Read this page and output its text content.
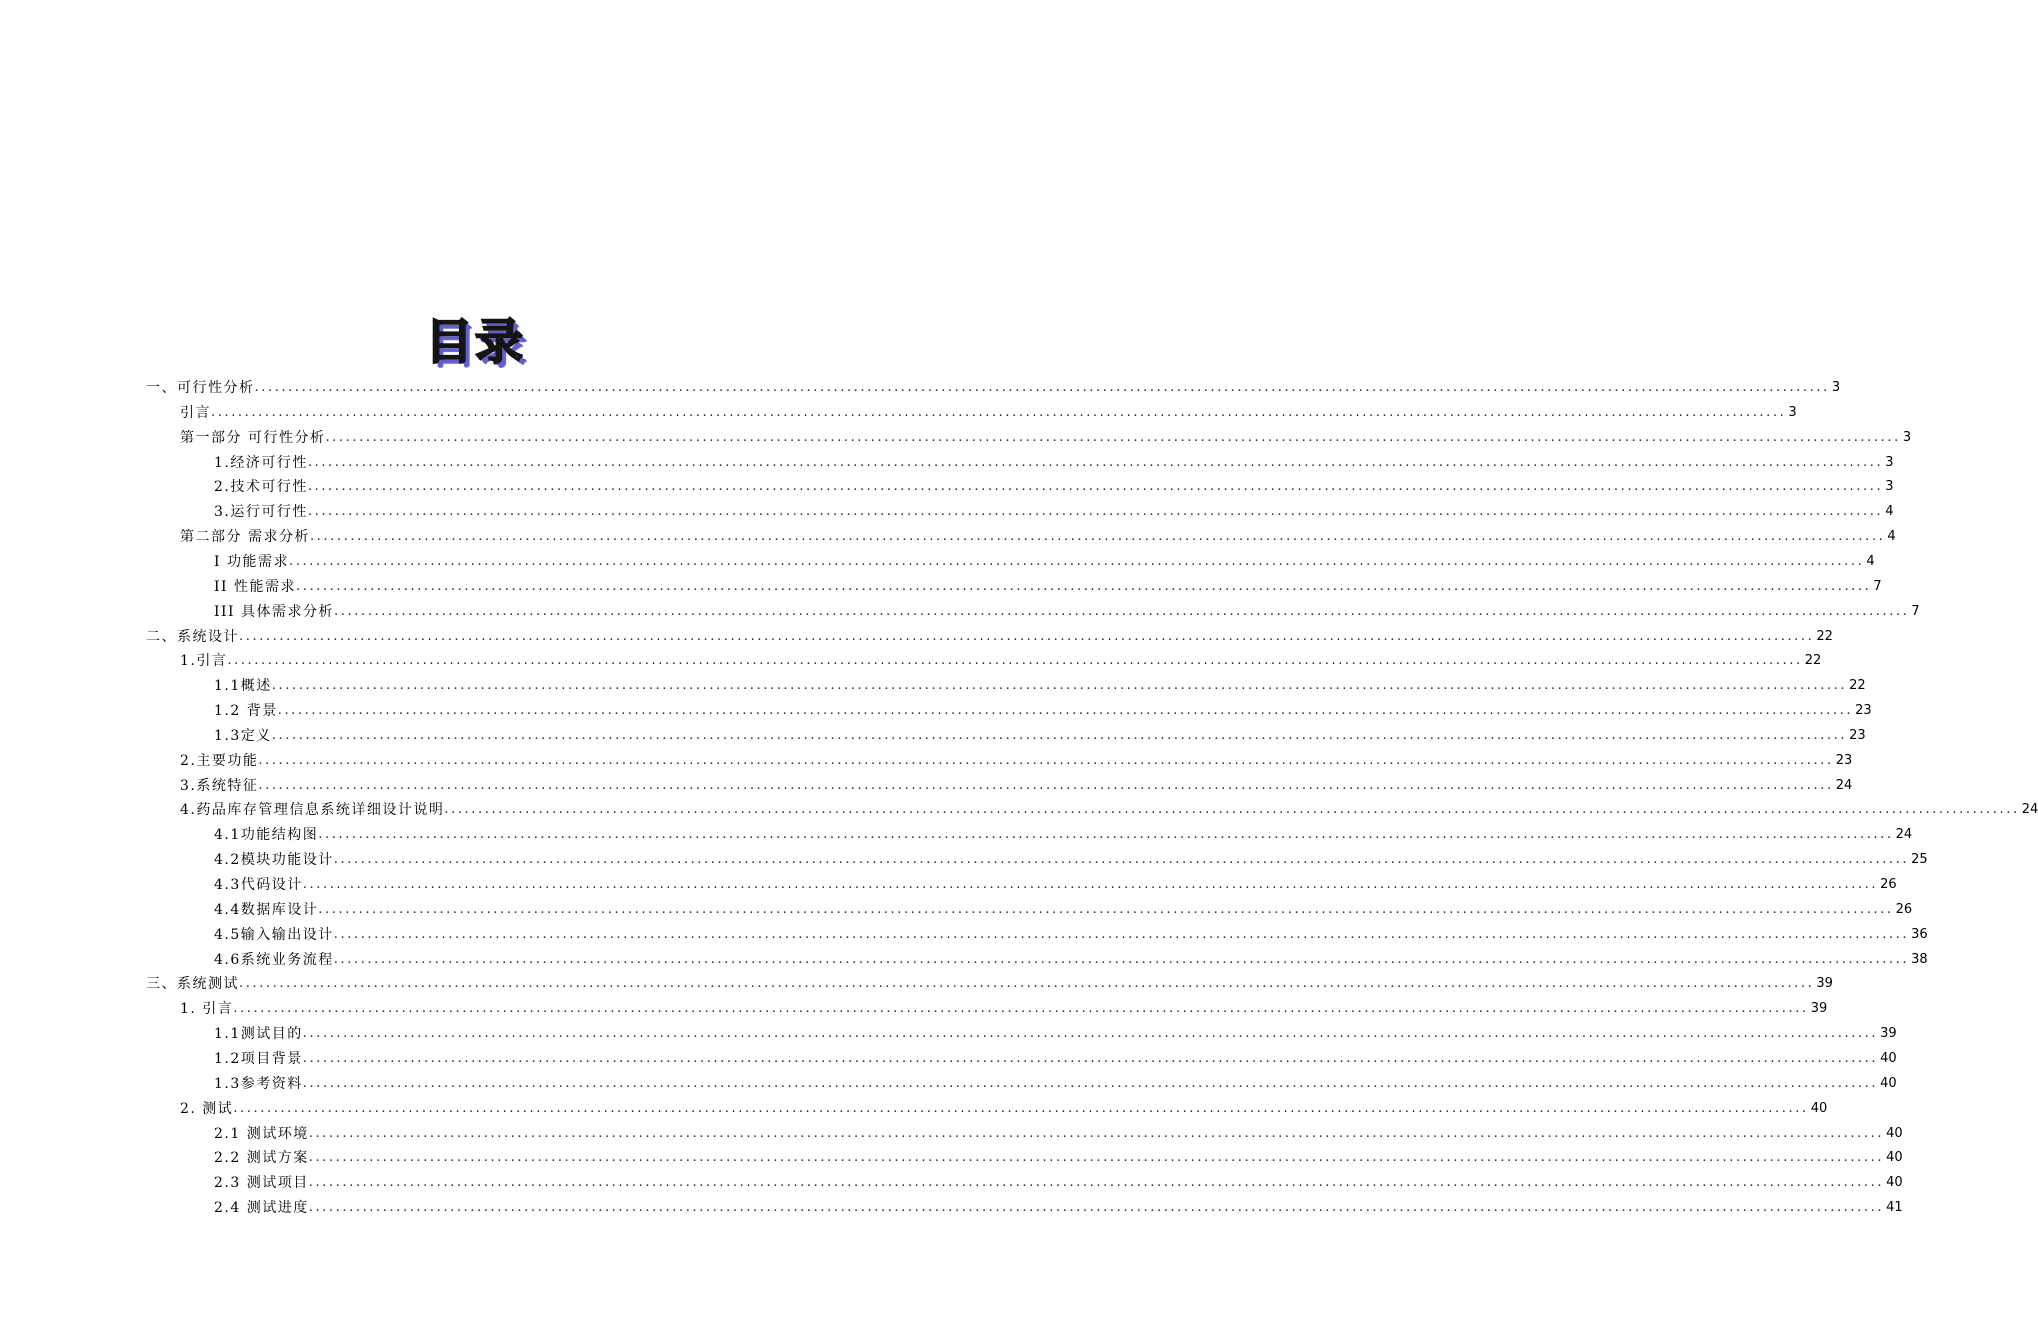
目录
一、可行性分析 .......................................................................................................................................................................................................................................... 3
引言 .......................................................................................................................................................................................................................................... 3
第一部分 可行性分析 .......................................................................................................................................................................................................................................... 3
1.经济可行性 .......................................................................................................................................................................................................................................... 3
2.技术可行性 .......................................................................................................................................................................................................................................... 3
3.运行可行性 .......................................................................................................................................................................................................................................... 4
第二部分 需求分析 .......................................................................................................................................................................................................................................... 4
I 功能需求 .......................................................................................................................................................................................................................................... 4
II 性能需求 .......................................................................................................................................................................................................................................... 7
III 具体需求分析 .......................................................................................................................................................................................................................................... 7
二、系统设计 .......................................................................................................................................................................................................................................... 22
1.引言 .......................................................................................................................................................................................................................................... 22
1.1概述 .......................................................................................................................................................................................................................................... 22
1.2 背景 .......................................................................................................................................................................................................................................... 23
1.3定义 .......................................................................................................................................................................................................................................... 23
2.主要功能 .......................................................................................................................................................................................................................................... 23
3.系统特征 .......................................................................................................................................................................................................................................... 24
4.药品库存管理信息系统详细设计说明 .......................................................................................................................................................................................................................................... 24
4.1功能结构图 .......................................................................................................................................................................................................................................... 24
4.2模块功能设计 .......................................................................................................................................................................................................................................... 25
4.3代码设计 .......................................................................................................................................................................................................................................... 26
4.4数据库设计 .......................................................................................................................................................................................................................................... 26
4.5输入输出设计 .......................................................................................................................................................................................................................................... 36
4.6系统业务流程 .......................................................................................................................................................................................................................................... 38
三、系统测试 .......................................................................................................................................................................................................................................... 39
1. 引言 .......................................................................................................................................................................................................................................... 39
1.1测试目的 .......................................................................................................................................................................................................................................... 39
1.2项目背景 .......................................................................................................................................................................................................................................... 40
1.3参考资料 .......................................................................................................................................................................................................................................... 40
2. 测试 .......................................................................................................................................................................................................................................... 40
2.1 测试环境 .......................................................................................................................................................................................................................................... 40
2.2 测试方案 .......................................................................................................................................................................................................................................... 40
2.3 测试项目 .......................................................................................................................................................................................................................................... 40
2.4 测试进度 .......................................................................................................................................................................................................................................... 41
